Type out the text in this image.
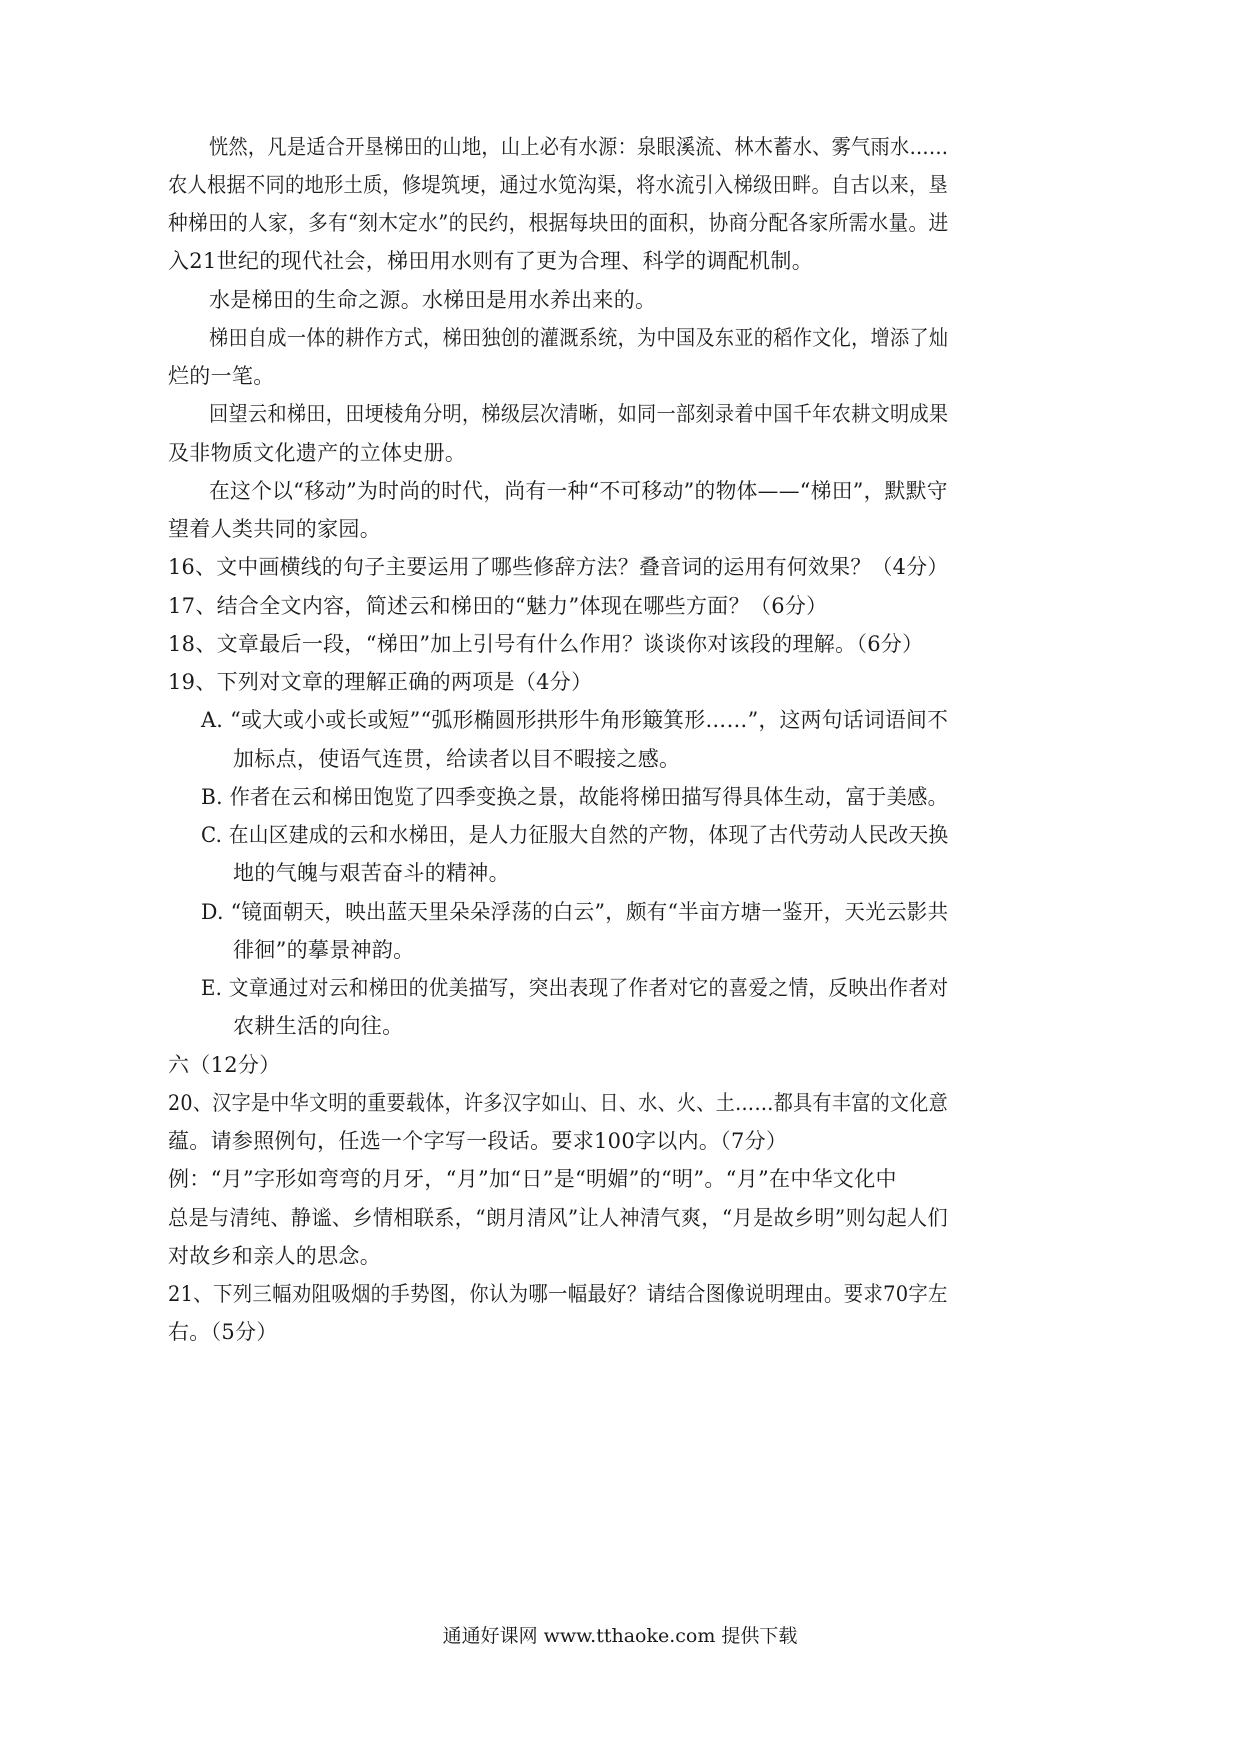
恍然，凡是适合开垦梯田的山地，山上必有水源：泉眼溪流、林木蓄水、雾气雨水……
农人根据不同的地形土质，修堤筑埂，通过水笕沟渠，将水流引入梯级田畔。自古以来，垦
种梯田的人家，多有“刻木定水”的民约，根据每块田的面积，协商分配各家所需水量。进
入21世纪的现代社会，梯田用水则有了更为合理、科学的调配机制。
水是梯田的生命之源。水梯田是用水养出来的。
梯田自成一体的耕作方式，梯田独创的灌溉系统，为中国及东亚的稻作文化，增添了灿
烂的一笔。
回望云和梯田，田埂棱角分明，梯级层次清晰，如同一部刻录着中国千年农耕文明成果
及非物质文化遗产的立体史册。
在这个以“移动”为时尚的时代，尚有一种“不可移动”的物体——“梯田”，默默守
望着人类共同的家园。
16、文中画横线的句子主要运用了哪些修辞方法？叠音词的运用有何效果？（4分）
17、结合全文内容，简述云和梯田的“魅力”体现在哪些方面？（6分）
18、文章最后一段，“梯田”加上引号有什么作用？谈谈你对该段的理解。（6分）
19、下列对文章的理解正确的两项是（4分）
A. “或大或小或长或短”“弧形椭圆形拱形牛角形簸箕形……”，这两句话词语间不
加标点，使语气连贯，给读者以目不暇接之感。
B. 作者在云和梯田饱览了四季变换之景，故能将梯田描写得具体生动，富于美感。
C. 在山区建成的云和水梯田，是人力征服大自然的产物，体现了古代劳动人民改天换
地的气魄与艰苦奋斗的精神。
D. “镜面朝天，映出蓝天里朵朵浮荡的白云”，颇有“半亩方塘一鉴开，天光云影共
徘徊”的摹景神韵。
E. 文章通过对云和梯田的优美描写，突出表现了作者对它的喜爱之情，反映出作者对
农耕生活的向往。
六（12分）
20、汉字是中华文明的重要载体，许多汉字如山、日、水、火、土……都具有丰富的文化意
蕴。请参照例句，任选一个字写一段话。要求100字以内。（7分）
例：“月”字形如弯弯的月牙，“月”加“日”是“明媚”的“明”。“月”在中华文化中
总是与清纯、静谧、乡情相联系，“朗月清风”让人神清气爽，“月是故乡明”则勾起人们
对故乡和亲人的思念。
21、下列三幅劝阻吸烟的手势图，你认为哪一幅最好？请结合图像说明理由。要求70字左
右。（5分）
通通好课网 www.tthaoke.com 提供下载
